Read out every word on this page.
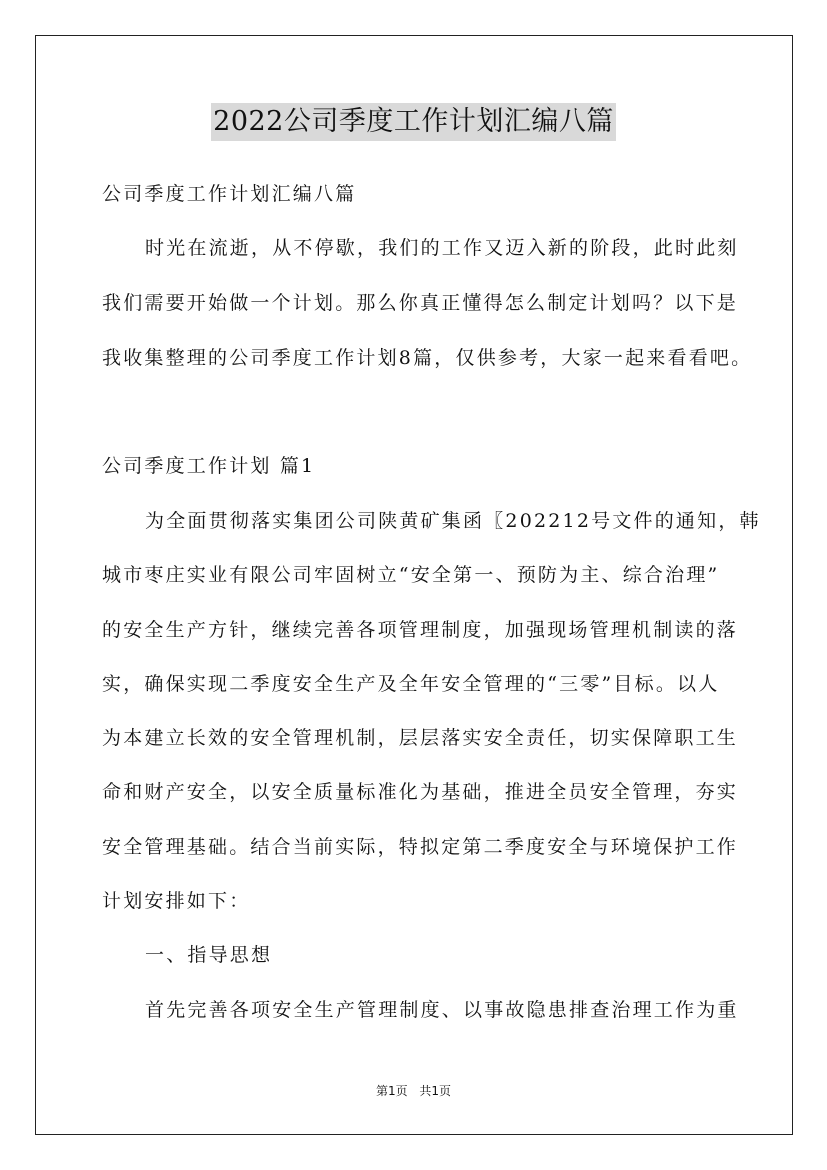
2022公司季度工作计划汇编八篇
公司季度工作计划汇编八篇
时光在流逝，从不停歇，我们的工作又迈入新的阶段，此时此刻
我们需要开始做一个计划。那么你真正懂得怎么制定计划吗？以下是
我收集整理的公司季度工作计划8篇，仅供参考，大家一起来看看吧。
公司季度工作计划 篇1
为全面贯彻落实集团公司陕黄矿集函〖202212号文件的通知，韩
城市枣庄实业有限公司牢固树立“安全第一、预防为主、综合治理”
的安全生产方针，继续完善各项管理制度，加强现场管理机制读的落
实，确保实现二季度安全生产及全年安全管理的“三零”目标。以人
为本建立长效的安全管理机制，层层落实安全责任，切实保障职工生
命和财产安全，以安全质量标准化为基础，推进全员安全管理，夯实
安全管理基础。结合当前实际，特拟定第二季度安全与环境保护工作
计划安排如下：
一、指导思想
首先完善各项安全生产管理制度、以事故隐患排查治理工作为重
第1页 共1页
